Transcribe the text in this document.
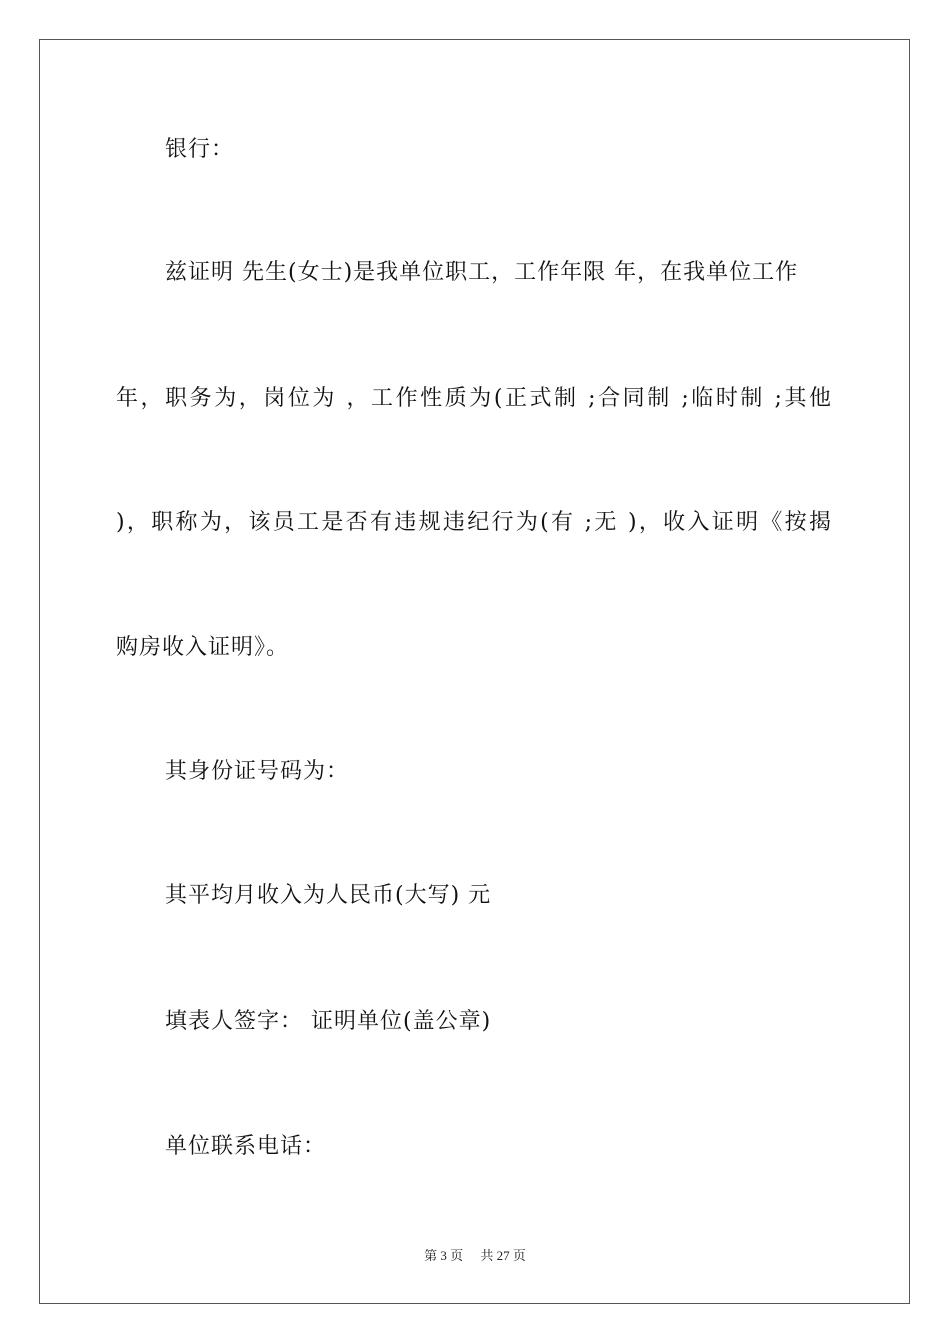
银行：
兹证明 先生(女士)是我单位职工，工作年限 年，在我单位工作
年，职务为，岗位为 ，工作性质为(正式制 ;合同制 ;临时制 ;其他
)，职称为，该员工是否有违规违纪行为(有 ;无 )，收入证明《按揭
购房收入证明》。
其身份证号码为：
其平均月收入为人民币(大写) 元
填表人签字： 证明单位(盖公章)
单位联系电话：
第 3 页 共 27 页
